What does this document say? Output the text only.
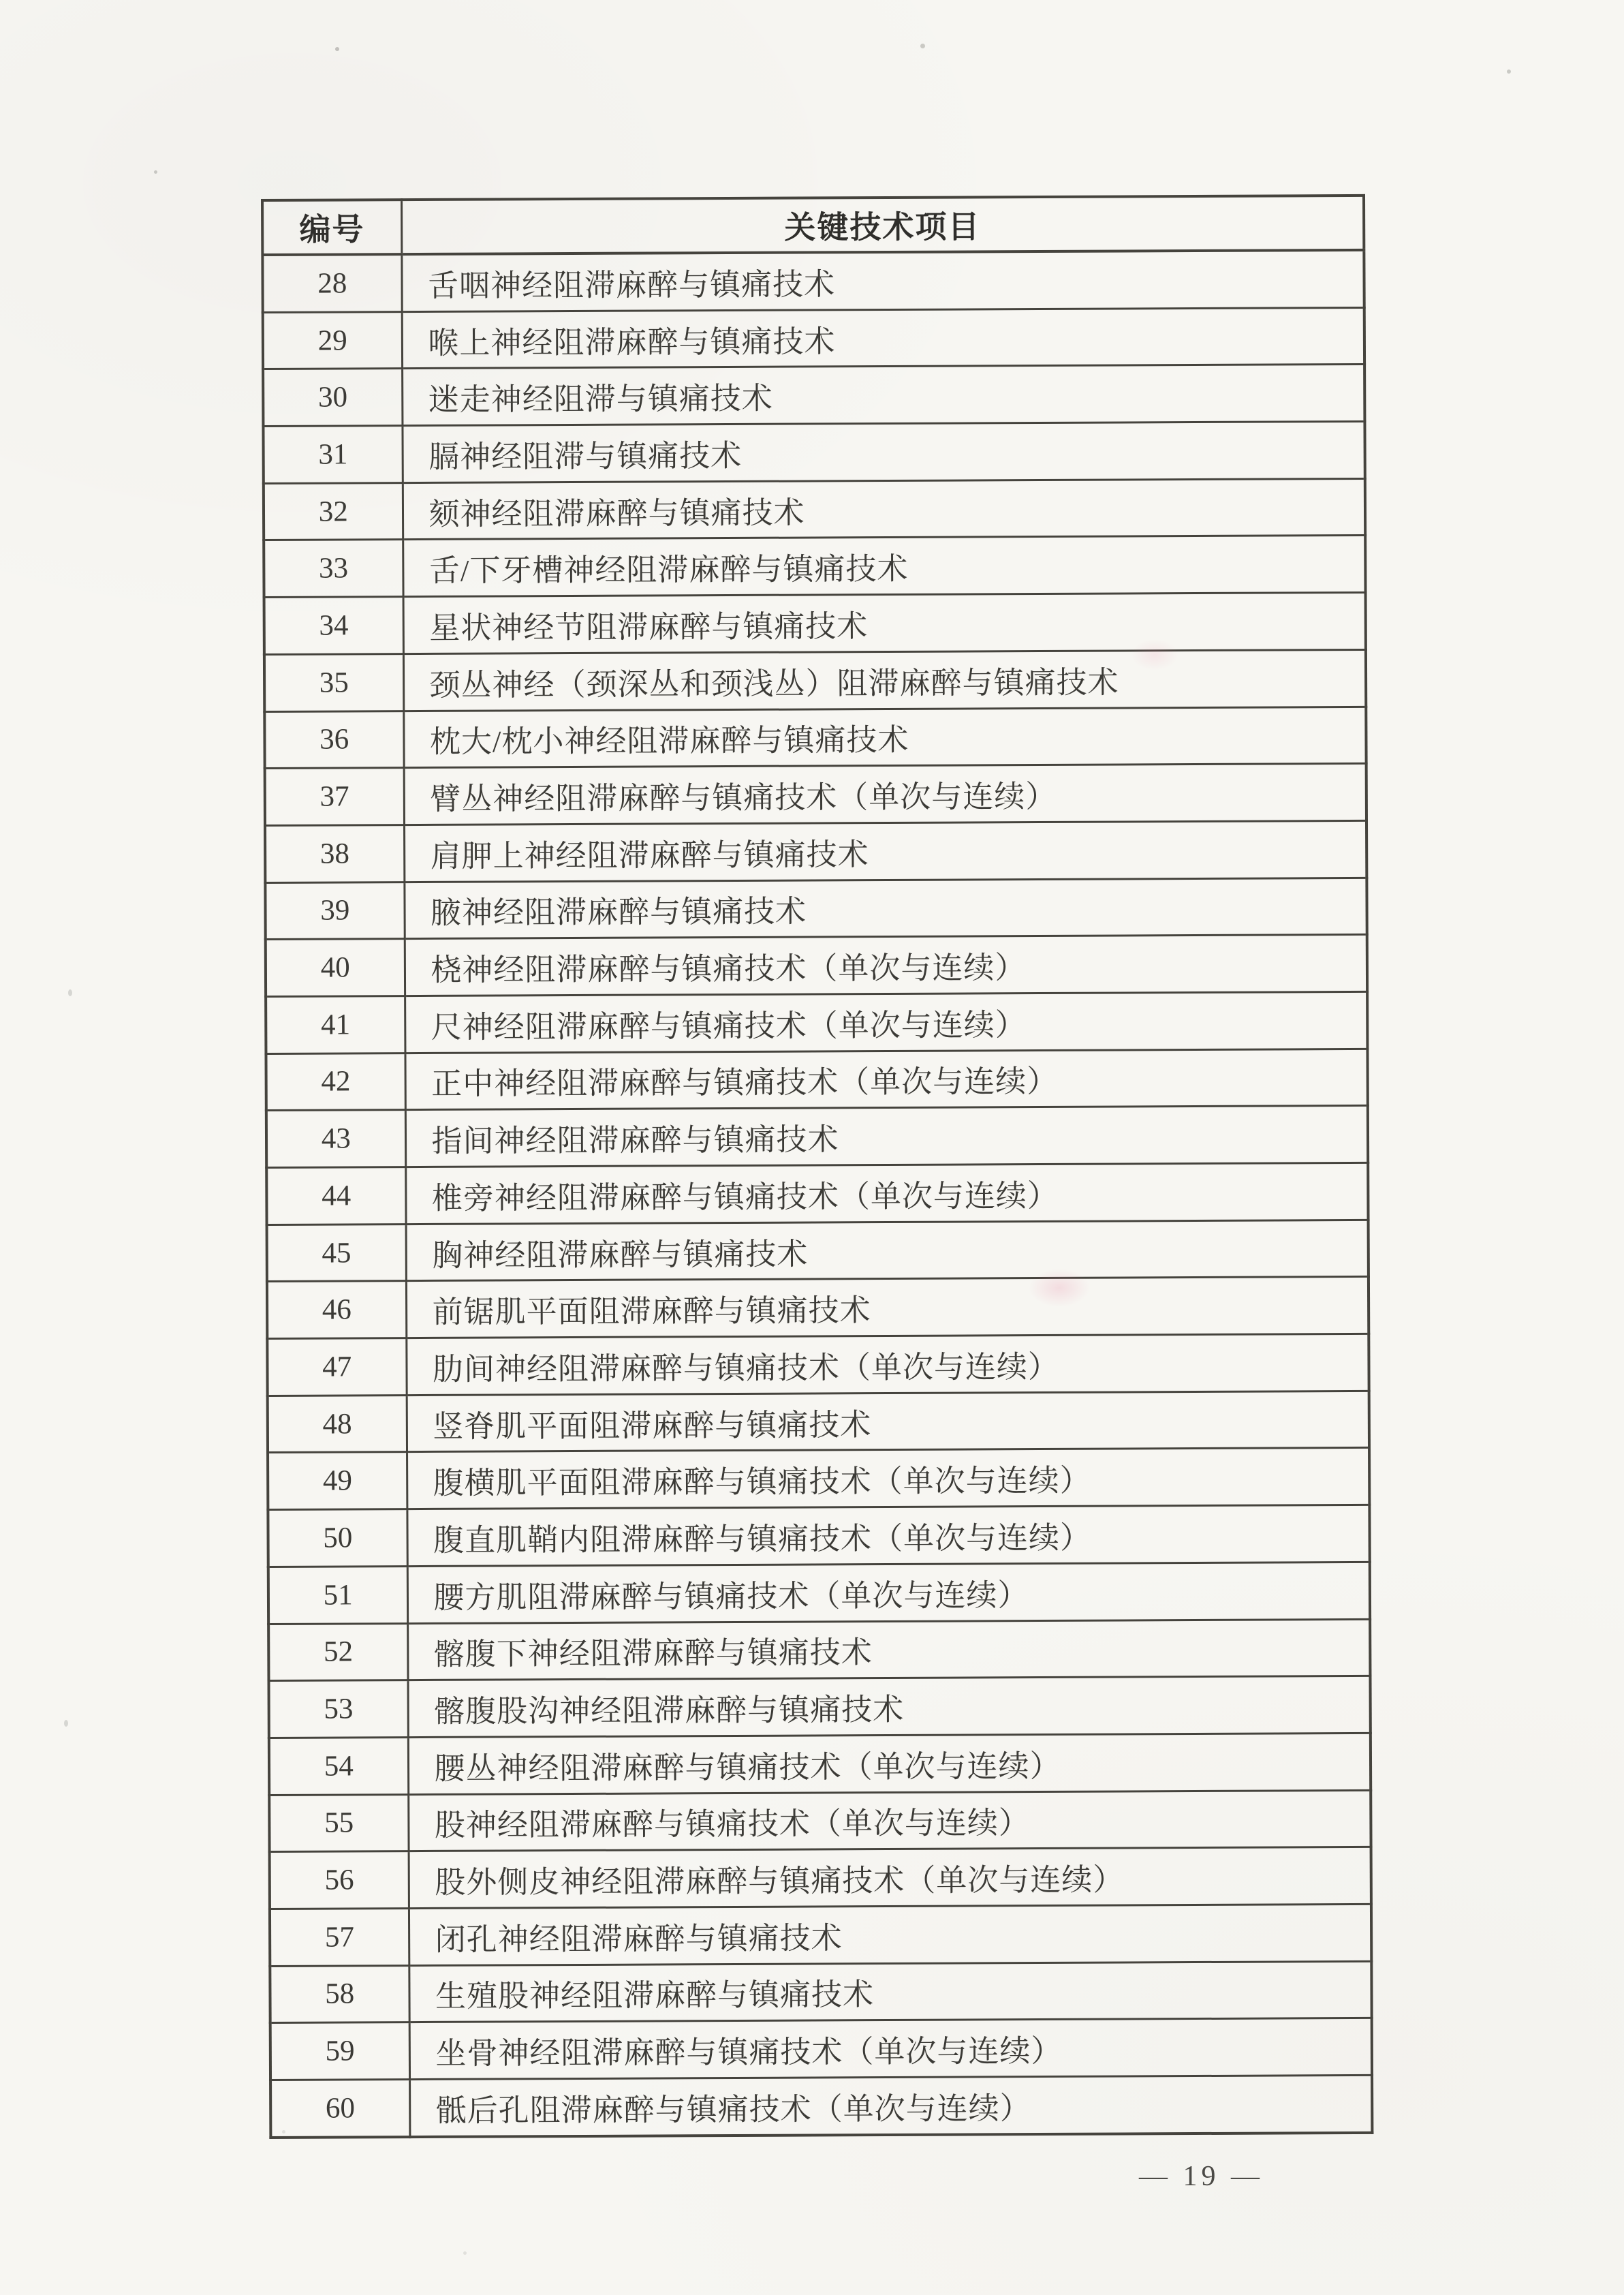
编号	关键技术项目
28	舌咽神经阻滞麻醉与镇痛技术
29	喉上神经阻滞麻醉与镇痛技术
30	迷走神经阻滞与镇痛技术
31	膈神经阻滞与镇痛技术
32	颏神经阻滞麻醉与镇痛技术
33	舌/下牙槽神经阻滞麻醉与镇痛技术
34	星状神经节阻滞麻醉与镇痛技术
35	颈丛神经（颈深丛和颈浅丛）阻滞麻醉与镇痛技术
36	枕大/枕小神经阻滞麻醉与镇痛技术
37	臂丛神经阻滞麻醉与镇痛技术（单次与连续）
38	肩胛上神经阻滞麻醉与镇痛技术
39	腋神经阻滞麻醉与镇痛技术
40	桡神经阻滞麻醉与镇痛技术（单次与连续）
41	尺神经阻滞麻醉与镇痛技术（单次与连续）
42	正中神经阻滞麻醉与镇痛技术（单次与连续）
43	指间神经阻滞麻醉与镇痛技术
44	椎旁神经阻滞麻醉与镇痛技术（单次与连续）
45	胸神经阻滞麻醉与镇痛技术
46	前锯肌平面阻滞麻醉与镇痛技术
47	肋间神经阻滞麻醉与镇痛技术（单次与连续）
48	竖脊肌平面阻滞麻醉与镇痛技术
49	腹横肌平面阻滞麻醉与镇痛技术（单次与连续）
50	腹直肌鞘内阻滞麻醉与镇痛技术（单次与连续）
51	腰方肌阻滞麻醉与镇痛技术（单次与连续）
52	髂腹下神经阻滞麻醉与镇痛技术
53	髂腹股沟神经阻滞麻醉与镇痛技术
54	腰丛神经阻滞麻醉与镇痛技术（单次与连续）
55	股神经阻滞麻醉与镇痛技术（单次与连续）
56	股外侧皮神经阻滞麻醉与镇痛技术（单次与连续）
57	闭孔神经阻滞麻醉与镇痛技术
58	生殖股神经阻滞麻醉与镇痛技术
59	坐骨神经阻滞麻醉与镇痛技术（单次与连续）
60	骶后孔阻滞麻醉与镇痛技术（单次与连续）
— 19 —
